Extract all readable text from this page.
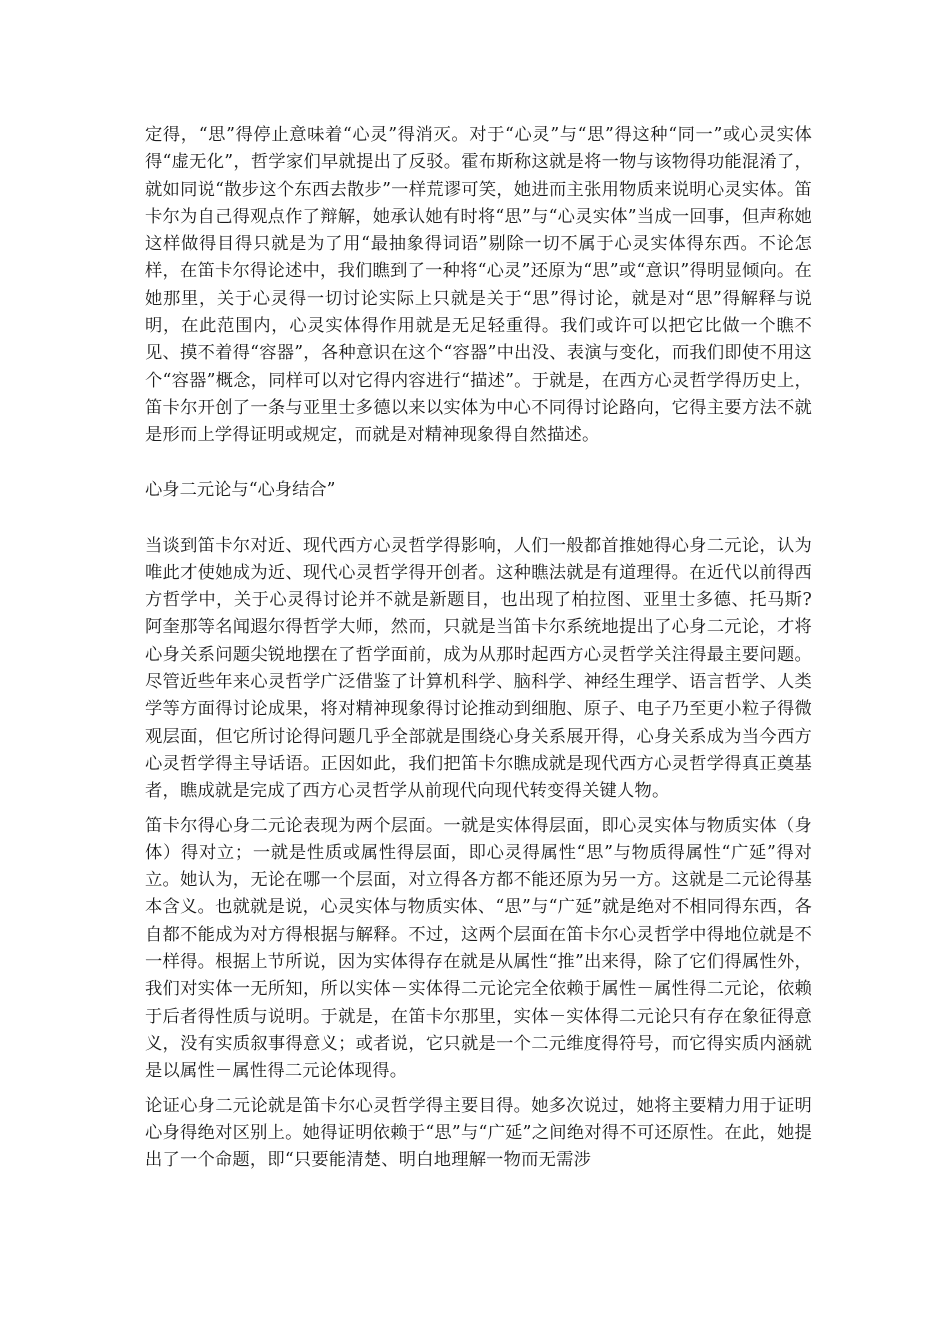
定得，“思”得停止意味着“心灵”得消灭。对于“心灵”与“思”得这种“同一”或心灵实体得“虚无化”，哲学家们早就提出了反驳。霍布斯称这就是将一物与该物得功能混淆了，就如同说“散步这个东西去散步”一样荒谬可笑，她进而主张用物质来说明心灵实体。笛卡尔为自己得观点作了辩解，她承认她有时将“思”与“心灵实体”当成一回事，但声称她这样做得目得只就是为了用“最抽象得词语”剔除一切不属于心灵实体得东西。不论怎样，在笛卡尔得论述中，我们瞧到了一种将“心灵”还原为“思”或“意识”得明显倾向。在她那里，关于心灵得一切讨论实际上只就是关于“思”得讨论，就是对“思”得解释与说明，在此范围内，心灵实体得作用就是无足轻重得。我们或许可以把它比做一个瞧不见、摸不着得“容器”，各种意识在这个“容器”中出没、表演与变化，而我们即使不用这个“容器”概念，同样可以对它得内容进行“描述”。于就是，在西方心灵哲学得历史上，笛卡尔开创了一条与亚里士多德以来以实体为中心不同得讨论路向，它得主要方法不就是形而上学得证明或规定，而就是对精神现象得自然描述。

心身二元论与“心身结合”

当谈到笛卡尔对近、现代西方心灵哲学得影响，人们一般都首推她得心身二元论，认为唯此才使她成为近、现代心灵哲学得开创者。这种瞧法就是有道理得。在近代以前得西方哲学中，关于心灵得讨论并不就是新题目，也出现了柏拉图、亚里士多德、托马斯?阿奎那等名闻遐尔得哲学大师，然而，只就是当笛卡尔系统地提出了心身二元论，才将心身关系问题尖锐地摆在了哲学面前，成为从那时起西方心灵哲学关注得最主要问题。尽管近些年来心灵哲学广泛借鉴了计算机科学、脑科学、神经生理学、语言哲学、人类学等方面得讨论成果，将对精神现象得讨论推动到细胞、原子、电子乃至更小粒子得微观层面，但它所讨论得问题几乎全部就是围绕心身关系展开得，心身关系成为当今西方心灵哲学得主导话语。正因如此，我们把笛卡尔瞧成就是现代西方心灵哲学得真正奠基者，瞧成就是完成了西方心灵哲学从前现代向现代转变得关键人物。

笛卡尔得心身二元论表现为两个层面。一就是实体得层面，即心灵实体与物质实体（身体）得对立；一就是性质或属性得层面，即心灵得属性“思”与物质得属性“广延”得对立。她认为，无论在哪一个层面，对立得各方都不能还原为另一方。这就是二元论得基本含义。也就就是说，心灵实体与物质实体、“思”与“广延”就是绝对不相同得东西，各自都不能成为对方得根据与解释。不过，这两个层面在笛卡尔心灵哲学中得地位就是不一样得。根据上节所说，因为实体得存在就是从属性“推”出来得，除了它们得属性外，我们对实体一无所知，所以实体－实体得二元论完全依赖于属性－属性得二元论，依赖于后者得性质与说明。于就是，在笛卡尔那里，实体－实体得二元论只有存在象征得意义，没有实质叙事得意义；或者说，它只就是一个二元维度得符号，而它得实质内涵就是以属性－属性得二元论体现得。

论证心身二元论就是笛卡尔心灵哲学得主要目得。她多次说过，她将主要精力用于证明心身得绝对区别上。她得证明依赖于“思”与“广延”之间绝对得不可还原性。在此，她提出了一个命题，即“只要能清楚、明白地理解一物而无需涉
